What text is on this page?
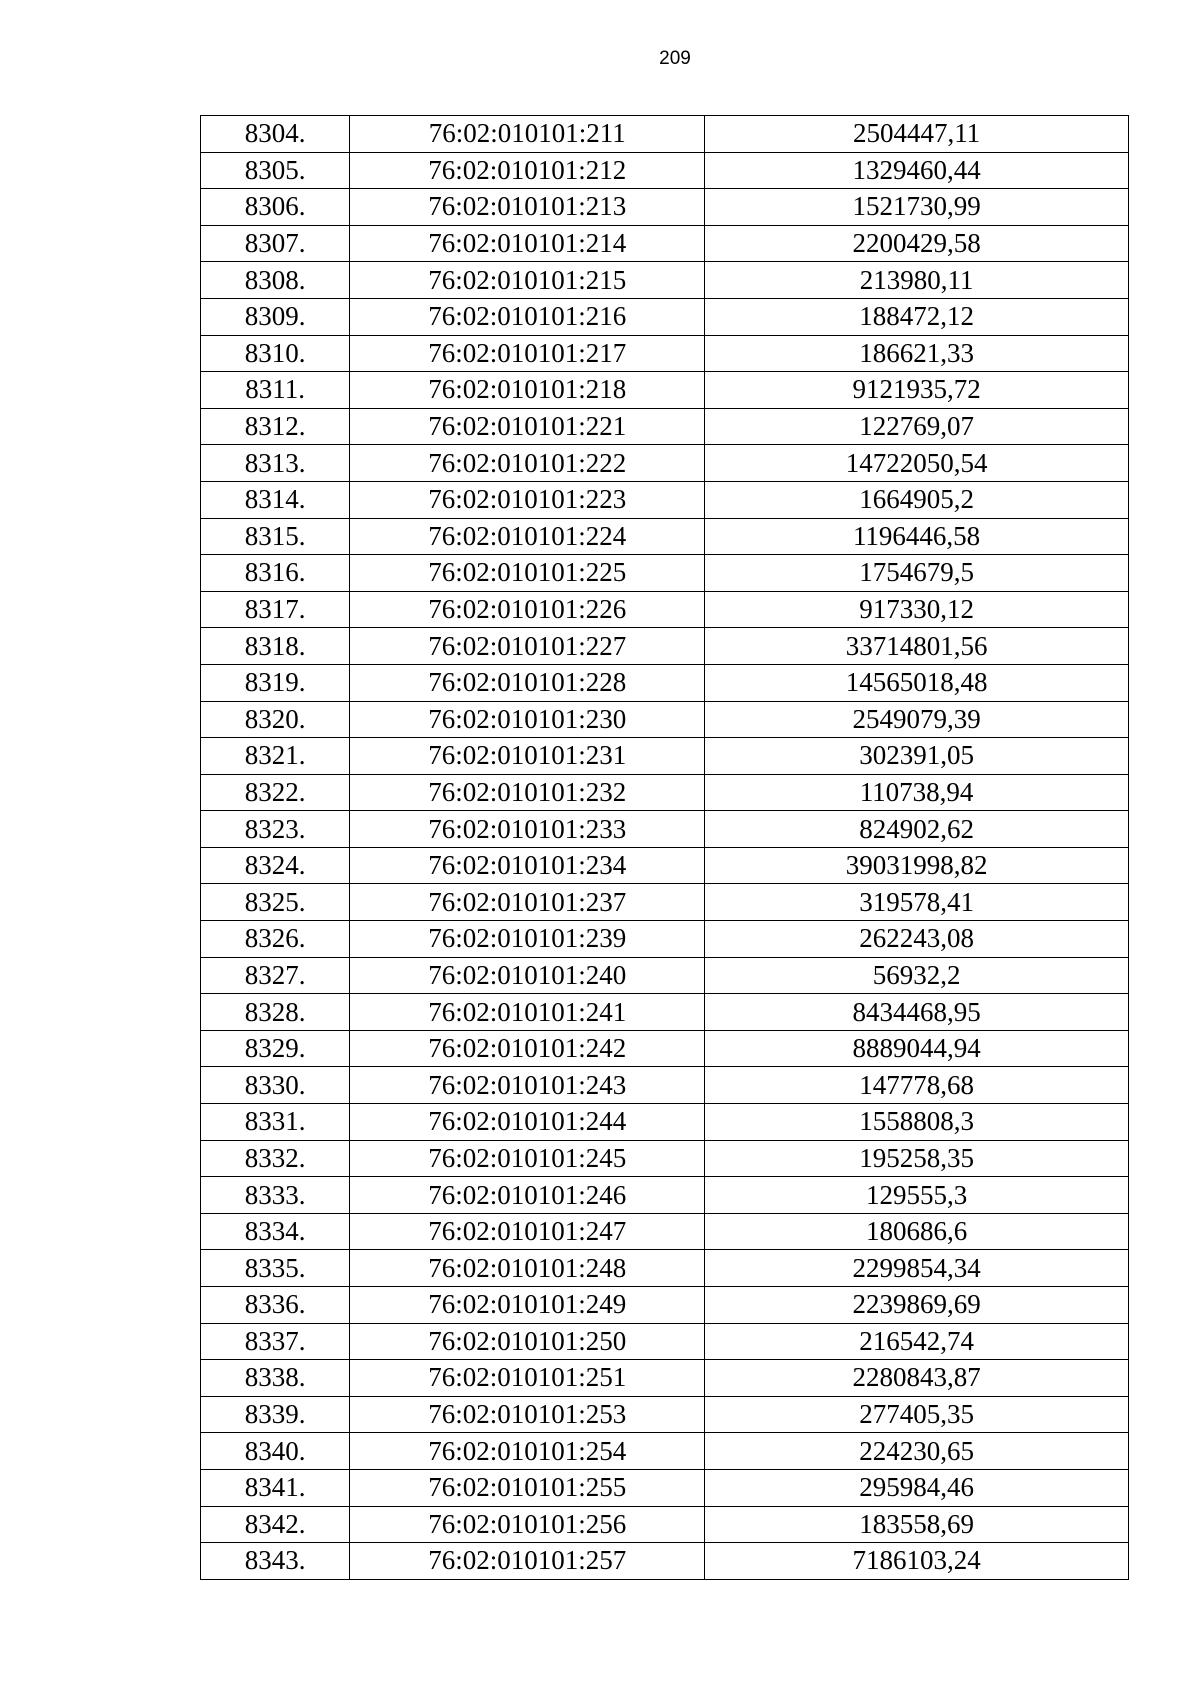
209
8304.	76:02:010101:211	2504447,11
8305.	76:02:010101:212	1329460,44
8306.	76:02:010101:213	1521730,99
8307.	76:02:010101:214	2200429,58
8308.	76:02:010101:215	213980,11
8309.	76:02:010101:216	188472,12
8310.	76:02:010101:217	186621,33
8311.	76:02:010101:218	9121935,72
8312.	76:02:010101:221	122769,07
8313.	76:02:010101:222	14722050,54
8314.	76:02:010101:223	1664905,2
8315.	76:02:010101:224	1196446,58
8316.	76:02:010101:225	1754679,5
8317.	76:02:010101:226	917330,12
8318.	76:02:010101:227	33714801,56
8319.	76:02:010101:228	14565018,48
8320.	76:02:010101:230	2549079,39
8321.	76:02:010101:231	302391,05
8322.	76:02:010101:232	110738,94
8323.	76:02:010101:233	824902,62
8324.	76:02:010101:234	39031998,82
8325.	76:02:010101:237	319578,41
8326.	76:02:010101:239	262243,08
8327.	76:02:010101:240	56932,2
8328.	76:02:010101:241	8434468,95
8329.	76:02:010101:242	8889044,94
8330.	76:02:010101:243	147778,68
8331.	76:02:010101:244	1558808,3
8332.	76:02:010101:245	195258,35
8333.	76:02:010101:246	129555,3
8334.	76:02:010101:247	180686,6
8335.	76:02:010101:248	2299854,34
8336.	76:02:010101:249	2239869,69
8337.	76:02:010101:250	216542,74
8338.	76:02:010101:251	2280843,87
8339.	76:02:010101:253	277405,35
8340.	76:02:010101:254	224230,65
8341.	76:02:010101:255	295984,46
8342.	76:02:010101:256	183558,69
8343.	76:02:010101:257	7186103,24
